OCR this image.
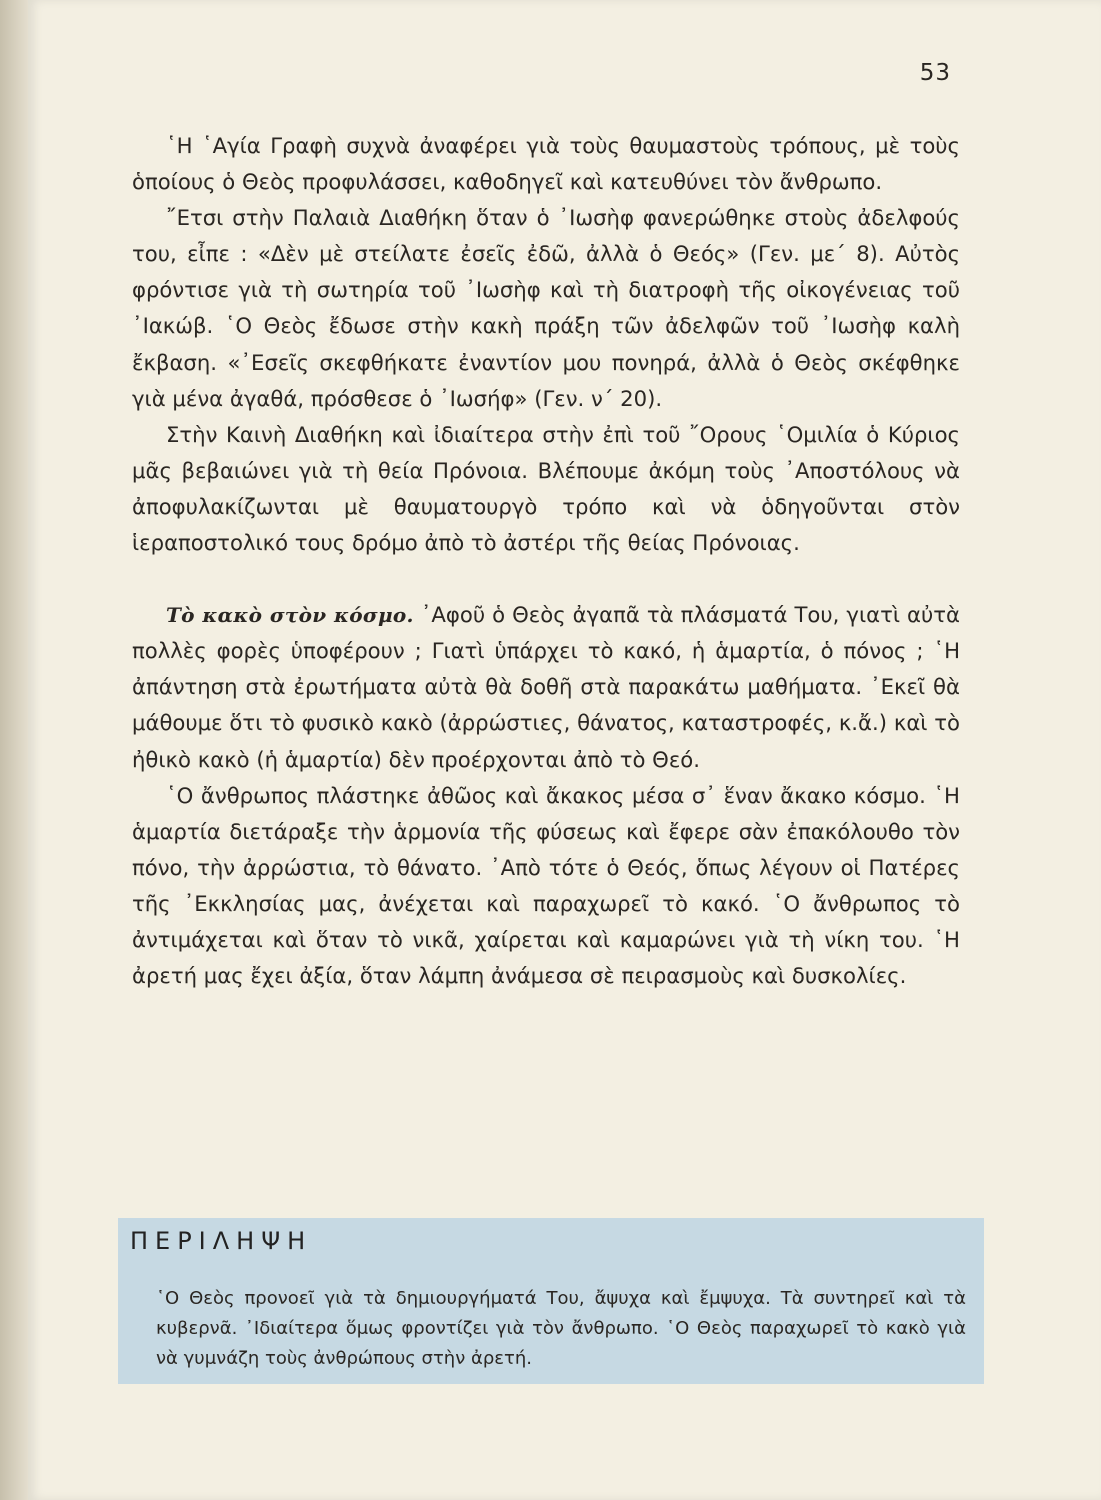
53

῾Η ῾Αγία Γραφὴ συχνὰ ἀναφέρει γιὰ τοὺς θαυμαστοὺς τρόπους, μὲ τοὺς ὁποίους ὁ Θεὸς προφυλάσσει, καθοδηγεῖ καὶ κατευθύνει τὸν ἄνθρωπο.

῎Ετσι στὴν Παλαιὰ Διαθήκη ὅταν ὁ ᾿Ιωσὴφ φανερώθηκε στοὺς ἀδελφούς του, εἶπε : «Δὲν μὲ στείλατε ἐσεῖς ἐδῶ, ἀλλὰ ὁ Θεός» (Γεν. με΄ 8). Αὐτὸς φρόντισε γιὰ τὴ σωτηρία τοῦ ᾿Ιωσὴφ καὶ τὴ διατροφὴ τῆς οἰκογένειας τοῦ ᾿Ιακώβ. ῾Ο Θεὸς ἔδωσε στὴν κακὴ πράξη τῶν ἀδελφῶν τοῦ ᾿Ιωσὴφ καλὴ ἔκβαση. «᾿Εσεῖς σκεφθήκατε ἐναντίον μου πονηρά, ἀλλὰ ὁ Θεὸς σκέφθηκε γιὰ μένα ἀγαθά, πρόσθεσε ὁ ᾿Ιωσήφ» (Γεν. ν΄ 20).

Στὴν Καινὴ Διαθήκη καὶ ἰδιαίτερα στὴν ἐπὶ τοῦ ῎Ορους ῾Ομιλία ὁ Κύριος μᾶς βεβαιώνει γιὰ τὴ θεία Πρόνοια. Βλέπουμε ἀκόμη τοὺς ᾿Αποστόλους νὰ ἀποφυλακίζωνται μὲ θαυματουργὸ τρόπο καὶ νὰ ὁδηγοῦνται στὸν ἱεραποστολικό τους δρόμο ἀπὸ τὸ ἀστέρι τῆς θείας Πρόνοιας.

Τὸ κακὸ στὸν κόσμο. ᾿Αφοῦ ὁ Θεὸς ἀγαπᾶ τὰ πλάσματά Του, γιατὶ αὐτὰ πολλὲς φορὲς ὑποφέρουν ; Γιατὶ ὑπάρχει τὸ κακό, ἡ ἁμαρτία, ὁ πόνος ; ῾Η ἀπάντηση στὰ ἐρωτήματα αὐτὰ θὰ δοθῆ στὰ παρακάτω μαθήματα. ᾿Εκεῖ θὰ μάθουμε ὅτι τὸ φυσικὸ κακὸ (ἀρρώστιες, θάνατος, καταστροφές, κ.ἄ.) καὶ τὸ ἠθικὸ κακὸ (ἡ ἁμαρτία) δὲν προέρχονται ἀπὸ τὸ Θεό.

῾Ο ἄνθρωπος πλάστηκε ἀθῶος καὶ ἄκακος μέσα σ᾿ ἕναν ἄκακο κόσμο. ῾Η ἁμαρτία διετάραξε τὴν ἁρμονία τῆς φύσεως καὶ ἔφερε σὰν ἐπακόλουθο τὸν πόνο, τὴν ἀρρώστια, τὸ θάνατο. ᾿Απὸ τότε ὁ Θεός, ὅπως λέγουν οἱ Πατέρες τῆς ᾿Εκκλησίας μας, ἀνέχεται καὶ παραχωρεῖ τὸ κακό. ῾Ο ἄνθρωπος τὸ ἀντιμάχεται καὶ ὅταν τὸ νικᾶ, χαίρεται καὶ καμαρώνει γιὰ τὴ νίκη του. ῾Η ἀρετή μας ἔχει ἀξία, ὅταν λάμπη ἀνάμεσα σὲ πειρασμοὺς καὶ δυσκολίες.

ΠΕΡΙΛΗΨΗ
῾Ο Θεὸς προνοεῖ γιὰ τὰ δημιουργήματά Του, ἄψυχα καὶ ἔμψυχα. Τὰ συντηρεῖ καὶ τὰ κυβερνᾶ. ᾿Ιδιαίτερα ὅμως φροντίζει γιὰ τὸν ἄνθρωπο. ῾Ο Θεὸς παραχωρεῖ τὸ κακὸ γιὰ νὰ γυμνάζη τοὺς ἀνθρώπους στὴν ἀρετή.
